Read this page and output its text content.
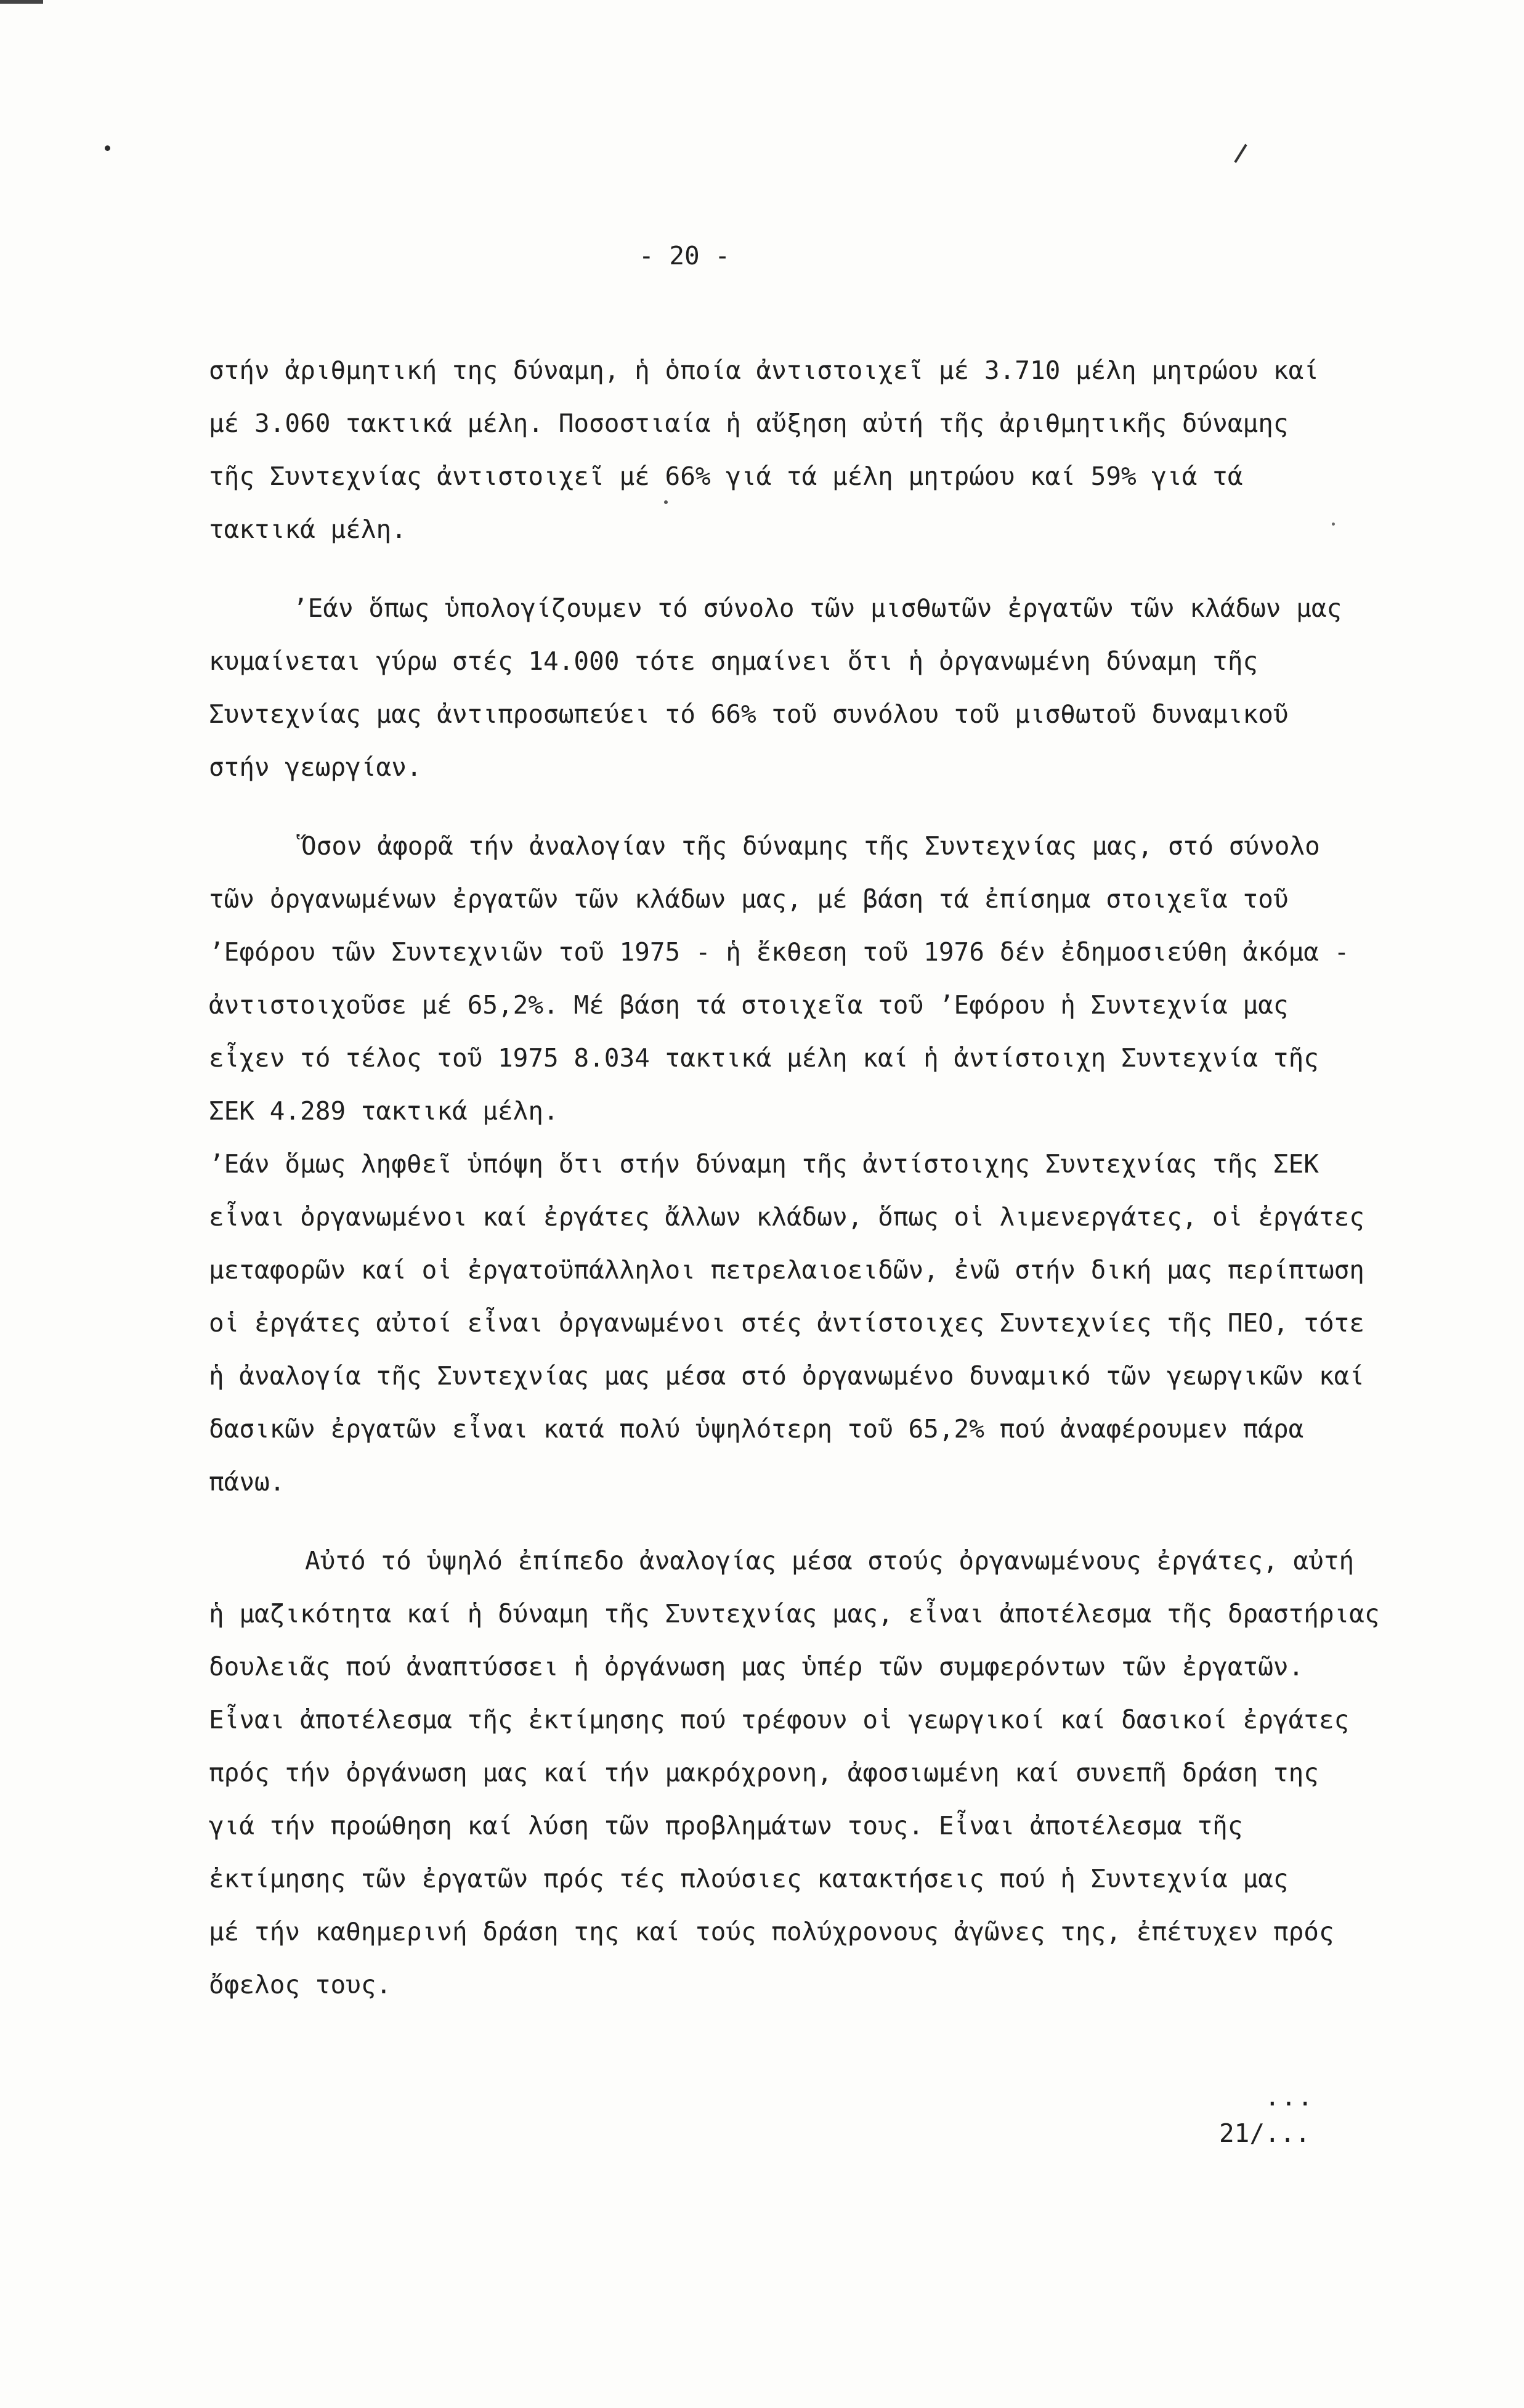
- 20 -
στήν ἀριθμητική της δύναμη, ἡ ὁποία ἀντιστοιχεῖ μέ 3.710 μέλη μητρώου καί
μέ 3.060 τακτικά μέλη. Ποσοστιαία ἡ αὔξηση αὐτή τῆς ἀριθμητικῆς δύναμης
τῆς Συντεχνίας ἀντιστοιχεῖ μέ 66% γιά τά μέλη μητρώου καί 59% γιά τά
τακτικά μέλη.
’Εάν ὅπως ὑπολογίζουμεν τό σύνολο τῶν μισθωτῶν ἐργατῶν τῶν κλάδων μας
κυμαίνεται γύρω στές 14.000 τότε σημαίνει ὅτι ἡ ὀργανωμένη δύναμη τῆς
Συντεχνίας μας ἀντιπροσωπεύει τό 66% τοῦ συνόλου τοῦ μισθωτοῦ δυναμικοῦ
στήν γεωργίαν.
Ὅσον ἀφορᾶ τήν ἀναλογίαν τῆς δύναμης τῆς Συντεχνίας μας, στό σύνολο
τῶν ὀργανωμένων ἐργατῶν τῶν κλάδων μας, μέ βάση τά ἐπίσημα στοιχεῖα τοῦ
’Εφόρου τῶν Συντεχνιῶν τοῦ 1975 - ἡ ἔκθεση τοῦ 1976 δέν ἐδημοσιεύθη ἀκόμα -
ἀντιστοιχοῦσε μέ 65,2%. Μέ βάση τά στοιχεῖα τοῦ ’Εφόρου ἡ Συντεχνία μας
εἶχεν τό τέλος τοῦ 1975 8.034 τακτικά μέλη καί ἡ ἀντίστοιχη Συντεχνία τῆς
ΣΕΚ 4.289 τακτικά μέλη.
’Εάν ὅμως ληφθεῖ ὑπόψη ὅτι στήν δύναμη τῆς ἀντίστοιχης Συντεχνίας τῆς ΣΕΚ
εἶναι ὀργανωμένοι καί ἐργάτες ἄλλων κλάδων, ὅπως οἱ λιμενεργάτες, οἱ ἐργάτες
μεταφορῶν καί οἱ ἐργατοϋπάλληλοι πετρελαιοειδῶν, ἐνῶ στήν δική μας περίπτωση
οἱ ἐργάτες αὐτοί εἶναι ὀργανωμένοι στές ἀντίστοιχες Συντεχνίες τῆς ΠΕΟ, τότε
ἡ ἀναλογία τῆς Συντεχνίας μας μέσα στό ὀργανωμένο δυναμικό τῶν γεωργικῶν καί
δασικῶν ἐργατῶν εἶναι κατά πολύ ὑψηλότερη τοῦ 65,2% πού ἀναφέρουμεν πάρα
πάνω.
Αὐτό τό ὑψηλό ἐπίπεδο ἀναλογίας μέσα στούς ὀργανωμένους ἐργάτες, αὐτή
ἡ μαζικότητα καί ἡ δύναμη τῆς Συντεχνίας μας, εἶναι ἀποτέλεσμα τῆς δραστήριας
δουλειᾶς πού ἀναπτύσσει ἡ ὀργάνωση μας ὑπέρ τῶν συμφερόντων τῶν ἐργατῶν.
Εἶναι ἀποτέλεσμα τῆς ἐκτίμησης πού τρέφουν οἱ γεωργικοί καί δασικοί ἐργάτες
πρός τήν ὀργάνωση μας καί τήν μακρόχρονη, ἀφοσιωμένη καί συνεπῆ δράση της
γιά τήν προώθηση καί λύση τῶν προβλημάτων τους. Εἶναι ἀποτέλεσμα τῆς
ἐκτίμησης τῶν ἐργατῶν πρός τές πλούσιες κατακτήσεις πού ἡ Συντεχνία μας
μέ τήν καθημερινή δράση της καί τούς πολύχρονους ἀγῶνες της, ἐπέτυχεν πρός
ὄφελος τους.
...
21/...
